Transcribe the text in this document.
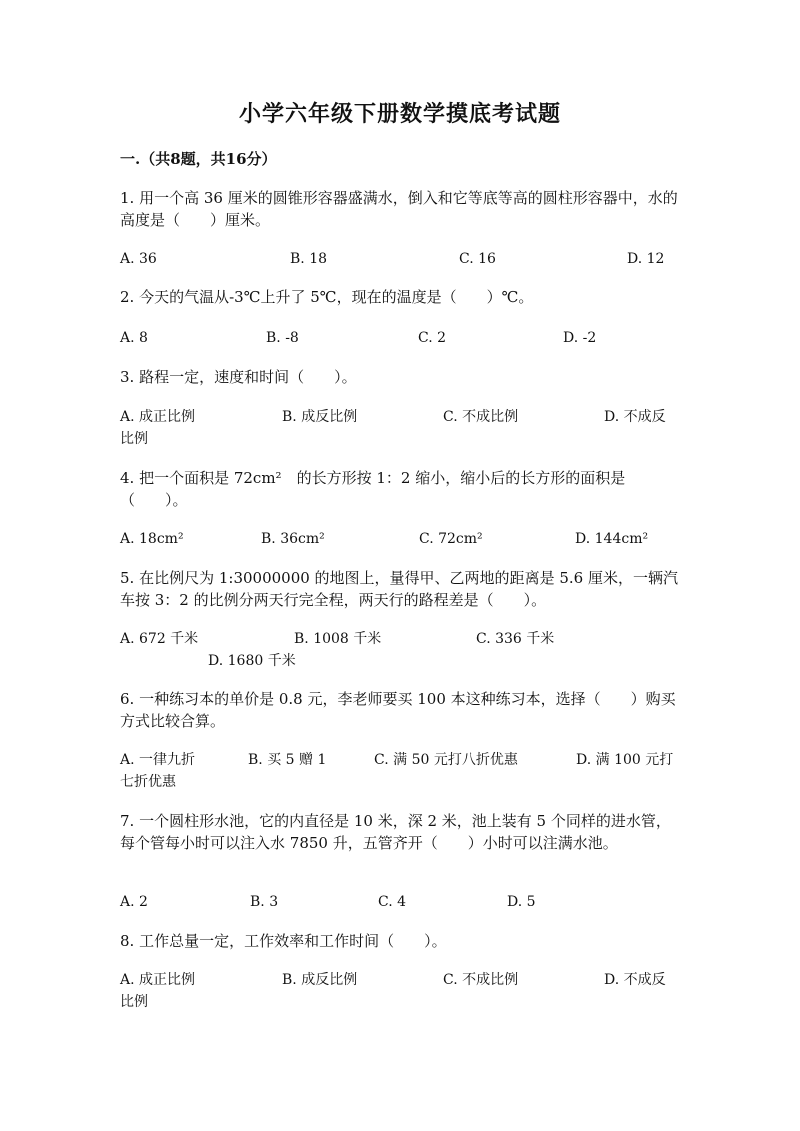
小学六年级下册数学摸底考试题
一.（共8题，共16分）
1. 用一个高 36 厘米的圆锥形容器盛满水，倒入和它等底等高的圆柱形容器中，水的高度是（　　）厘米。
A. 36	B. 18	C. 16	D. 12
2. 今天的气温从-3℃上升了 5℃，现在的温度是（　　）℃。
A. 8	B. -8	C. 2	D. -2
3. 路程一定，速度和时间（　　）。
A. 成正比例	B. 成反比例	C. 不成比例	D. 不成反
比例
4. 把一个面积是 72cm²　的长方形按 1：2 缩小，缩小后的长方形的面积是（　　）。
A. 18cm²	B. 36cm²	C. 72cm²	D. 144cm²
5. 在比例尺为 1:30000000 的地图上，量得甲、乙两地的距离是 5.6 厘米，一辆汽车按 3：2 的比例分两天行完全程，两天行的路程差是（　　）。
A. 672 千米	B. 1008 千米	C. 336 千米
D. 1680 千米
6. 一种练习本的单价是 0.8 元，李老师要买 100 本这种练习本，选择（　　）购买方式比较合算。
A. 一律九折	B. 买 5 赠 1	C. 满 50 元打八折优惠	D. 满 100 元打
七折优惠
7. 一个圆柱形水池，它的内直径是 10 米，深 2 米，池上装有 5 个同样的进水管，每个管每小时可以注入水 7850 升，五管齐开（　　）小时可以注满水池。
A. 2	B. 3	C. 4	D. 5
8. 工作总量一定，工作效率和工作时间（　　）。
A. 成正比例	B. 成反比例	C. 不成比例	D. 不成反
比例
